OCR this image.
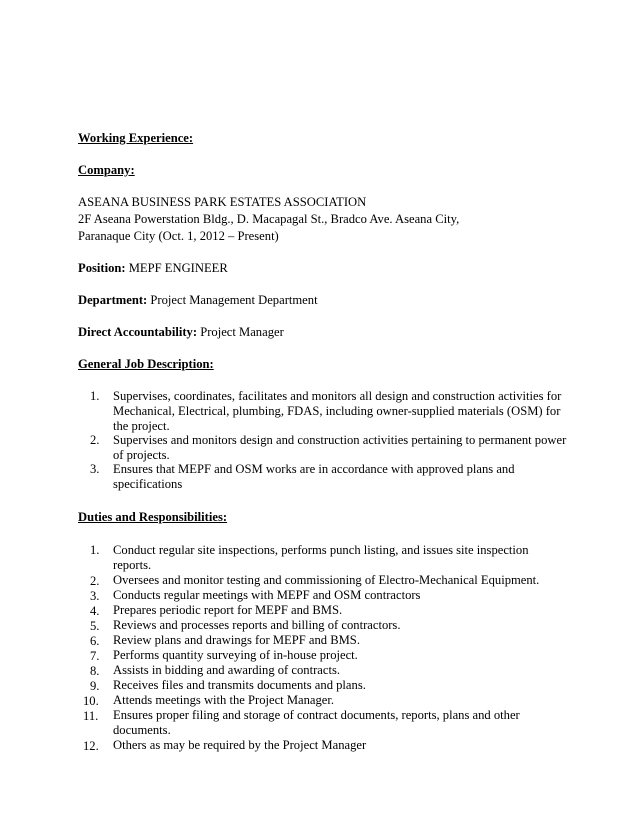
Working Experience:
Company:
ASEANA BUSINESS PARK ESTATES ASSOCIATION
2F Aseana Powerstation Bldg., D. Macapagal St., Bradco Ave. Aseana City,
Paranaque City (Oct. 1, 2012 – Present)
Position: MEPF ENGINEER
Department: Project Management Department
Direct Accountability: Project Manager
General Job Description:
1.	Supervises, coordinates, facilitates and monitors all design and construction activities for
Mechanical, Electrical, plumbing, FDAS, including owner-supplied materials (OSM) for
the project.
2.	Supervises and monitors design and construction activities pertaining to permanent power
of projects.
3.	Ensures that MEPF and OSM works are in accordance with approved plans and
specifications
Duties and Responsibilities:
1.	Conduct regular site inspections, performs punch listing, and issues site inspection
reports.
2.	Oversees and monitor testing and commissioning of Electro-Mechanical Equipment.
3.	Conducts regular meetings with MEPF and OSM contractors
4.	Prepares periodic report for MEPF and BMS.
5.	Reviews and processes reports and billing of contractors.
6.	Review plans and drawings for MEPF and BMS.
7.	Performs quantity surveying of in-house project.
8.	Assists in bidding and awarding of contracts.
9.	Receives files and transmits documents and plans.
10.	Attends meetings with the Project Manager.
11.	Ensures proper filing and storage of contract documents, reports, plans and other
documents.
12.	Others as may be required by the Project Manager
